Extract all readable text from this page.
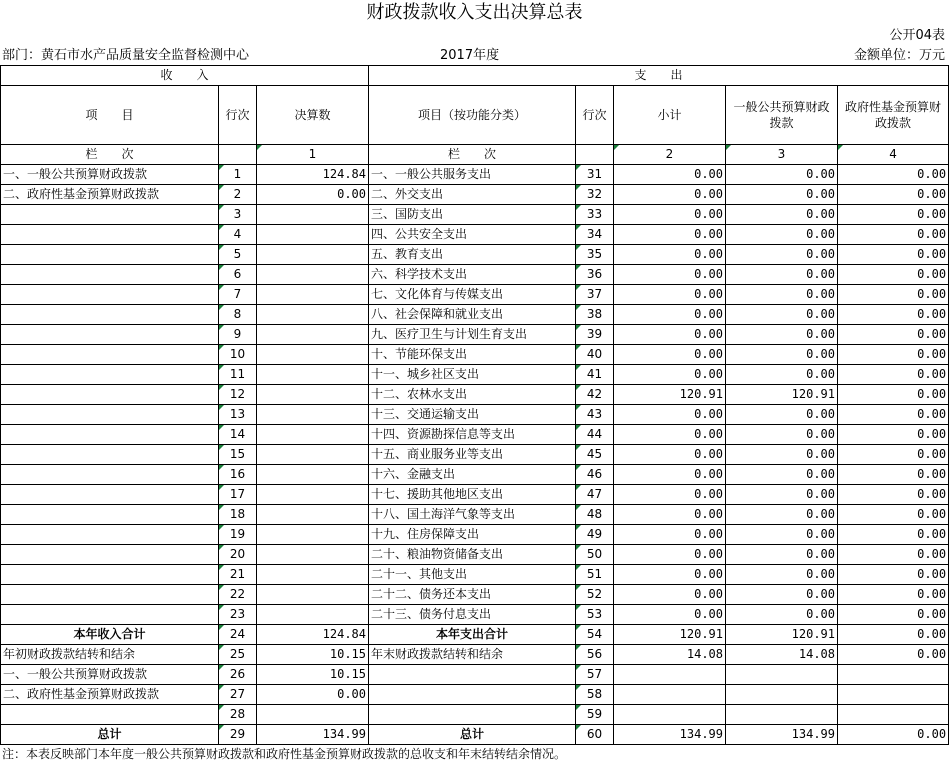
财政拨款收入支出决算总表
公开04表
部门：黄石市水产品质量安全监督检测中心	2017年度	金额单位：万元
收　　入			支　　出				
项　　目	行次	决算数	项目（按功能分类）	行次	小计	一般公共预算财政拨款	政府性基金预算财政拨款
栏　　次		1	栏　　次		2	3	4
一、一般公共预算财政拨款	1	124.84	一、一般公共服务支出	31	0.00	0.00	0.00
二、政府性基金预算财政拨款	2	0.00	二、外交支出	32	0.00	0.00	0.00
	3		三、国防支出	33	0.00	0.00	0.00
	4		四、公共安全支出	34	0.00	0.00	0.00
	5		五、教育支出	35	0.00	0.00	0.00
	6		六、科学技术支出	36	0.00	0.00	0.00
	7		七、文化体育与传媒支出	37	0.00	0.00	0.00
	8		八、社会保障和就业支出	38	0.00	0.00	0.00
	9		九、医疗卫生与计划生育支出	39	0.00	0.00	0.00
	10		十、节能环保支出	40	0.00	0.00	0.00
	11		十一、城乡社区支出	41	0.00	0.00	0.00
	12		十二、农林水支出	42	120.91	120.91	0.00
	13		十三、交通运输支出	43	0.00	0.00	0.00
	14		十四、资源勘探信息等支出	44	0.00	0.00	0.00
	15		十五、商业服务业等支出	45	0.00	0.00	0.00
	16		十六、金融支出	46	0.00	0.00	0.00
	17		十七、援助其他地区支出	47	0.00	0.00	0.00
	18		十八、国土海洋气象等支出	48	0.00	0.00	0.00
	19		十九、住房保障支出	49	0.00	0.00	0.00
	20		二十、粮油物资储备支出	50	0.00	0.00	0.00
	21		二十一、其他支出	51	0.00	0.00	0.00
	22		二十二、债务还本支出	52	0.00	0.00	0.00
	23		二十三、债务付息支出	53	0.00	0.00	0.00
本年收入合计	24	124.84	本年支出合计	54	120.91	120.91	0.00
年初财政拨款结转和结余	25	10.15	年末财政拨款结转和结余	56	14.08	14.08	0.00
一、一般公共预算财政拨款	26	10.15		57			
二、政府性基金预算财政拨款	27	0.00		58			
	28			59			
总计	29	134.99	总计	60	134.99	134.99	0.00
注：本表反映部门本年度一般公共预算财政拨款和政府性基金预算财政拨款的总收支和年末结转结余情况。
